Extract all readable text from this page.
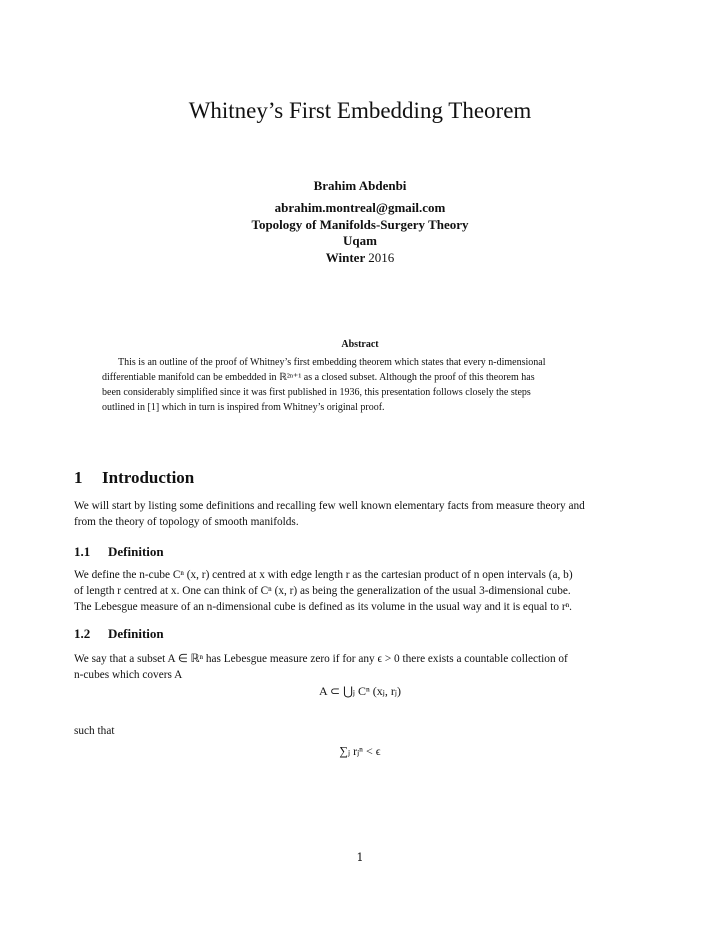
Whitney’s First Embedding Theorem
Brahim Abdenbi
abrahim.montreal@gmail.com
Topology of Manifolds-Surgery Theory
Uqam
Winter 2016
Abstract
This is an outline of the proof of Whitney’s first embedding theorem which states that every n-dimensional
differentiable manifold can be embedded in ℝ²ⁿ⁺¹ as a closed subset. Although the proof of this theorem has
been considerably simplified since it was first published in 1936, this presentation follows closely the steps
outlined in [1] which in turn is inspired from Whitney’s original proof.
1 Introduction
We will start by listing some definitions and recalling few well known elementary facts from measure theory and
from the theory of topology of smooth manifolds.
1.1 Definition
We define the n-cube Cⁿ (x, r) centred at x with edge length r as the cartesian product of n open intervals (a, b)
of length r centred at x. One can think of Cⁿ (x, r) as being the generalization of the usual 3-dimensional cube.
The Lebesgue measure of an n-dimensional cube is defined as its volume in the usual way and it is equal to rⁿ.
1.2 Definition
We say that a subset A ∈ ℝⁿ has Lebesgue measure zero if for any ϵ > 0 there exists a countable collection of
n-cubes which covers A
A ⊂ ⋃ⱼ Cⁿ (xⱼ, rⱼ)
such that
∑ⱼ rⱼⁿ < ϵ
1
